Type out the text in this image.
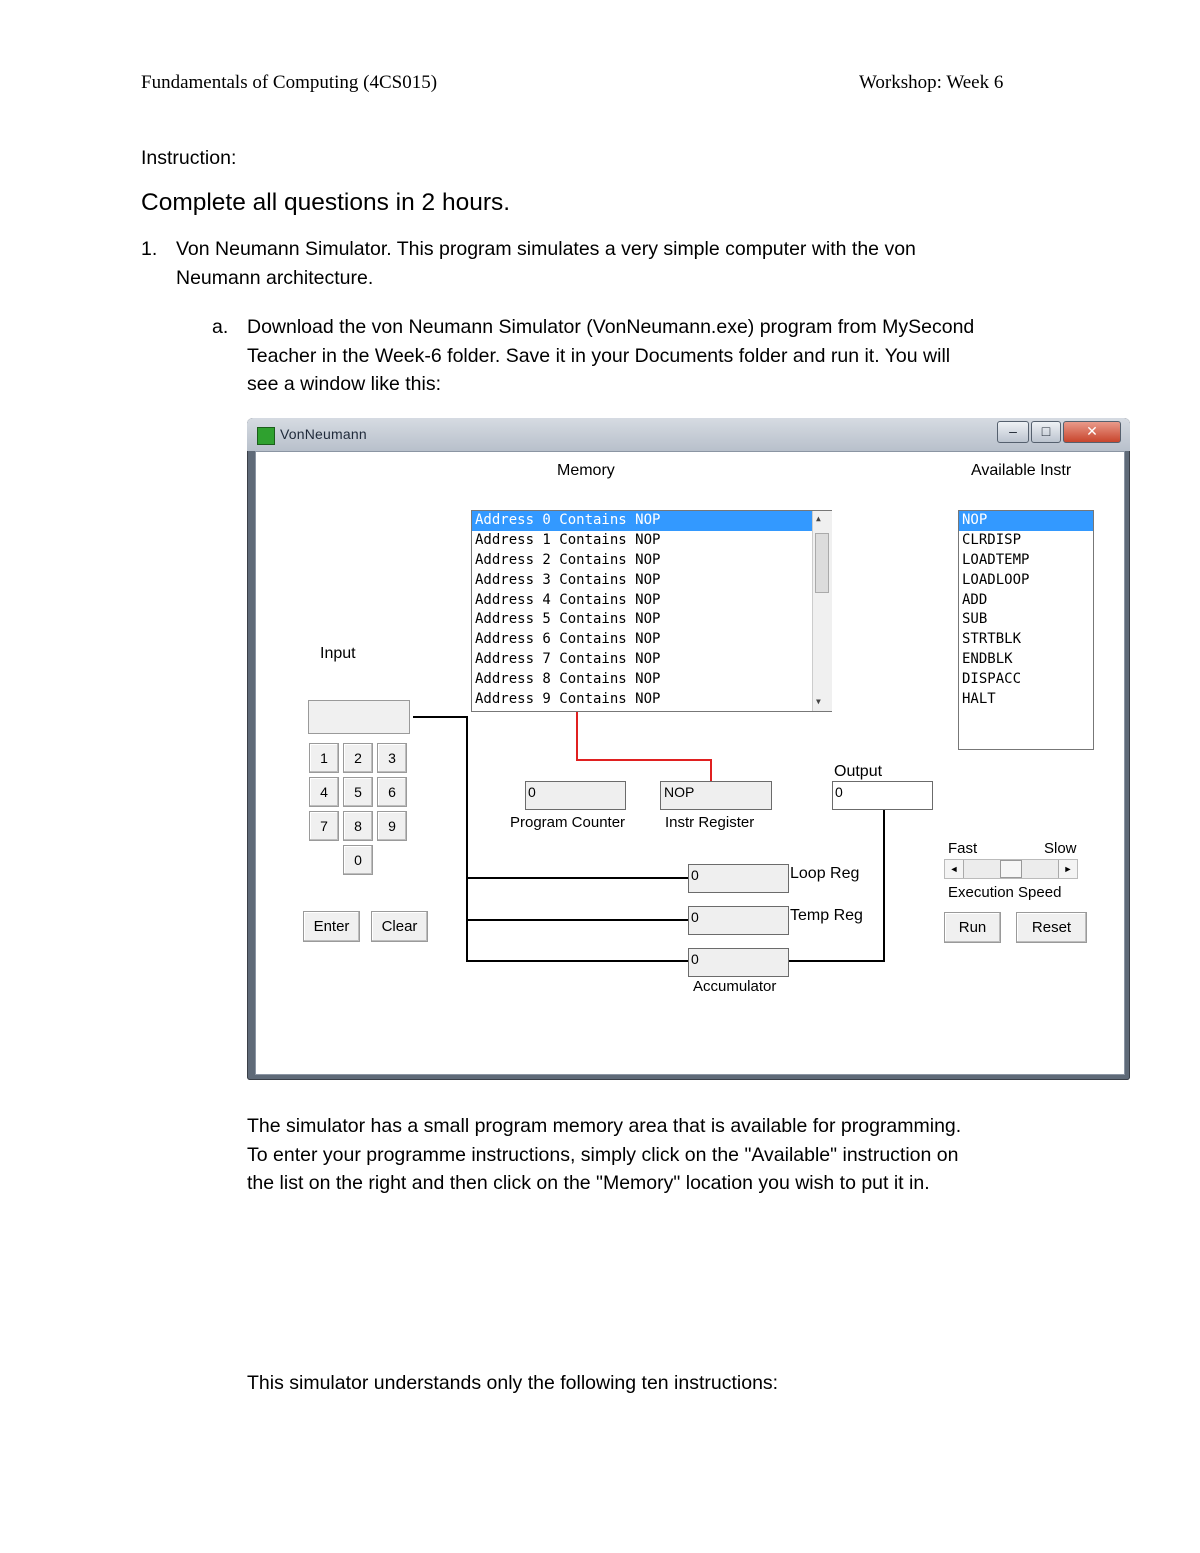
Fundamentals of Computing (4CS015)	Workshop: Week 6
Instruction:
Complete all questions in 2 hours.
1. Von Neumann Simulator. This program simulates a very simple computer with the von
Neumann architecture.
a. Download the von Neumann Simulator (VonNeumann.exe) program from MySecond
Teacher in the Week-6 folder. Save it in your Documents folder and run it. You will
see a window like this:
VonNeumann	–	□	✕
Memory
Address 0 Contains NOP
Address 1 Contains NOP
Address 2 Contains NOP
Address 3 Contains NOP
Address 4 Contains NOP
Address 5 Contains NOP
Address 6 Contains NOP
Address 7 Contains NOP
Address 8 Contains NOP
Address 9 Contains NOP
▲
▼
Available Instr
NOP
CLRDISP
LOADTEMP
LOADLOOP
ADD
SUB
STRTBLK
ENDBLK
DISPACC
HALT
Input
1	2	3
4	5	6
7	8	9
0
Enter	Clear
0
Program Counter
NOP
Instr Register
Output
0
0	Loop Reg
0	Temp Reg
0
Accumulator
Fast	Slow
◄	►
Execution Speed
Run	Reset
The simulator has a small program memory area that is available for programming.
To enter your programme instructions, simply click on the "Available" instruction on
the list on the right and then click on the "Memory" location you wish to put it in.
This simulator understands only the following ten instructions:
